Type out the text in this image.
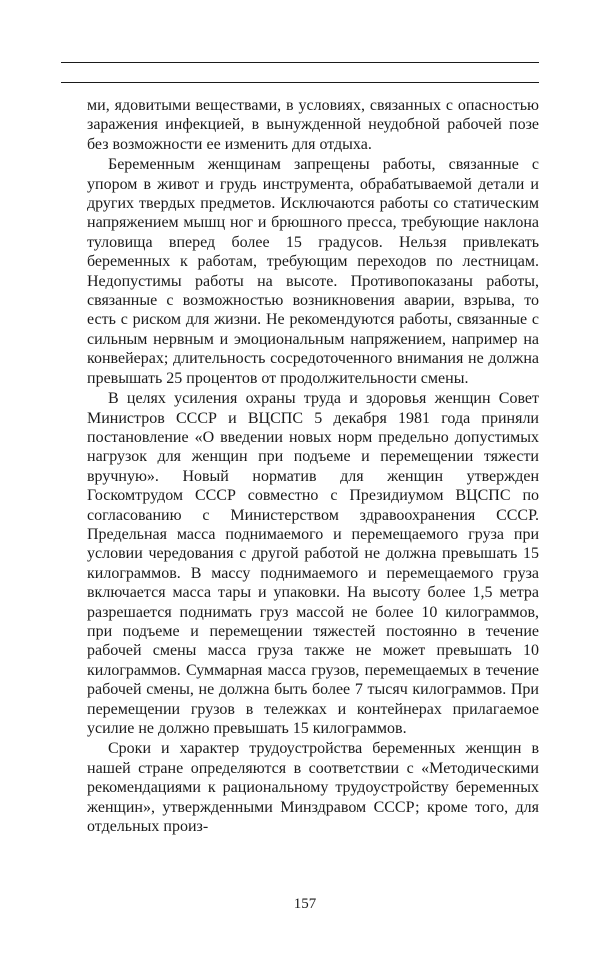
ми, ядовитыми веществами, в условиях, связанных с опасностью заражения инфекцией, в вынужденной неудобной рабочей позе без возможности ее изменить для отдыха.

Беременным женщинам запрещены работы, связанные с упором в живот и грудь инструмента, обрабатываемой детали и других твердых предметов. Исключаются работы со статическим напряжением мышц ног и брюшного пресса, требующие наклона туловища вперед более 15 градусов. Нельзя привлекать беременных к работам, требующим переходов по лестницам. Недопустимы работы на высоте. Противопоказаны работы, связанные с возможностью возникновения аварии, взрыва, то есть с риском для жизни. Не рекомендуются работы, связанные с сильным нервным и эмоциональным напряжением, например на конвейерах; длительность сосредоточенного внимания не должна превышать 25 процентов от продолжительности смены.

В целях усиления охраны труда и здоровья женщин Совет Министров СССР и ВЦСПС 5 декабря 1981 года приняли постановление «О введении новых норм предельно допустимых нагрузок для женщин при подъеме и перемещении тяжести вручную». Новый норматив для женщин утвержден Госкомтрудом СССР совместно с Президиумом ВЦСПС по согласованию с Министерством здравоохранения СССР. Предельная масса поднимаемого и перемещаемого груза при условии чередования с другой работой не должна превышать 15 килограммов. В массу поднимаемого и перемещаемого груза включается масса тары и упаковки. На высоту более 1,5 метра разрешается поднимать груз массой не более 10 килограммов, при подъеме и перемещении тяжестей постоянно в течение рабочей смены масса груза также не может превышать 10 килограммов. Суммарная масса грузов, перемещаемых в течение рабочей смены, не должна быть более 7 тысяч килограммов. При перемещении грузов в тележках и контейнерах прилагаемое усилие не должно превышать 15 килограммов.

Сроки и характер трудоустройства беременных женщин в нашей стране определяются в соответствии с «Методическими рекомендациями к рациональному трудоустройству беременных женщин», утвержденными Минздравом СССР; кроме того, для отдельных произ-

157
